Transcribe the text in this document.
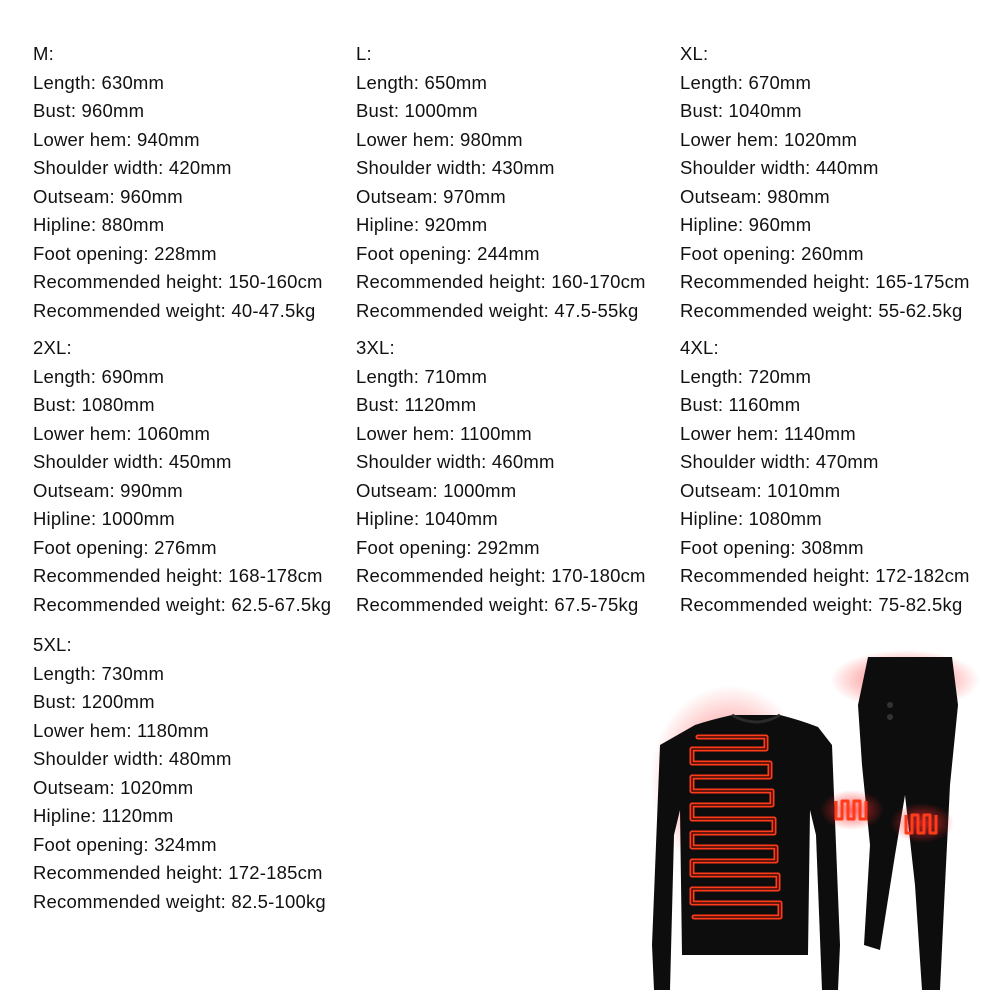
M:
Length: 630mm
Bust: 960mm
Lower hem: 940mm
Shoulder width: 420mm
Outseam: 960mm
Hipline: 880mm
Foot opening: 228mm
Recommended height: 150-160cm
Recommended weight: 40-47.5kg
L:
Length: 650mm
Bust: 1000mm
Lower hem: 980mm
Shoulder width: 430mm
Outseam: 970mm
Hipline: 920mm
Foot opening: 244mm
Recommended height: 160-170cm
Recommended weight: 47.5-55kg
XL:
Length: 670mm
Bust: 1040mm
Lower hem: 1020mm
Shoulder width: 440mm
Outseam: 980mm
Hipline: 960mm
Foot opening: 260mm
Recommended height: 165-175cm
Recommended weight: 55-62.5kg
2XL:
Length: 690mm
Bust: 1080mm
Lower hem: 1060mm
Shoulder width: 450mm
Outseam: 990mm
Hipline: 1000mm
Foot opening: 276mm
Recommended height: 168-178cm
Recommended weight: 62.5-67.5kg
3XL:
Length: 710mm
Bust: 1120mm
Lower hem: 1100mm
Shoulder width: 460mm
Outseam: 1000mm
Hipline: 1040mm
Foot opening: 292mm
Recommended height: 170-180cm
Recommended weight: 67.5-75kg
4XL:
Length: 720mm
Bust: 1160mm
Lower hem: 1140mm
Shoulder width: 470mm
Outseam: 1010mm
Hipline: 1080mm
Foot opening: 308mm
Recommended height: 172-182cm
Recommended weight: 75-82.5kg
5XL:
Length: 730mm
Bust: 1200mm
Lower hem: 1180mm
Shoulder width: 480mm
Outseam: 1020mm
Hipline: 1120mm
Foot opening: 324mm
Recommended height: 172-185cm
Recommended weight: 82.5-100kg
